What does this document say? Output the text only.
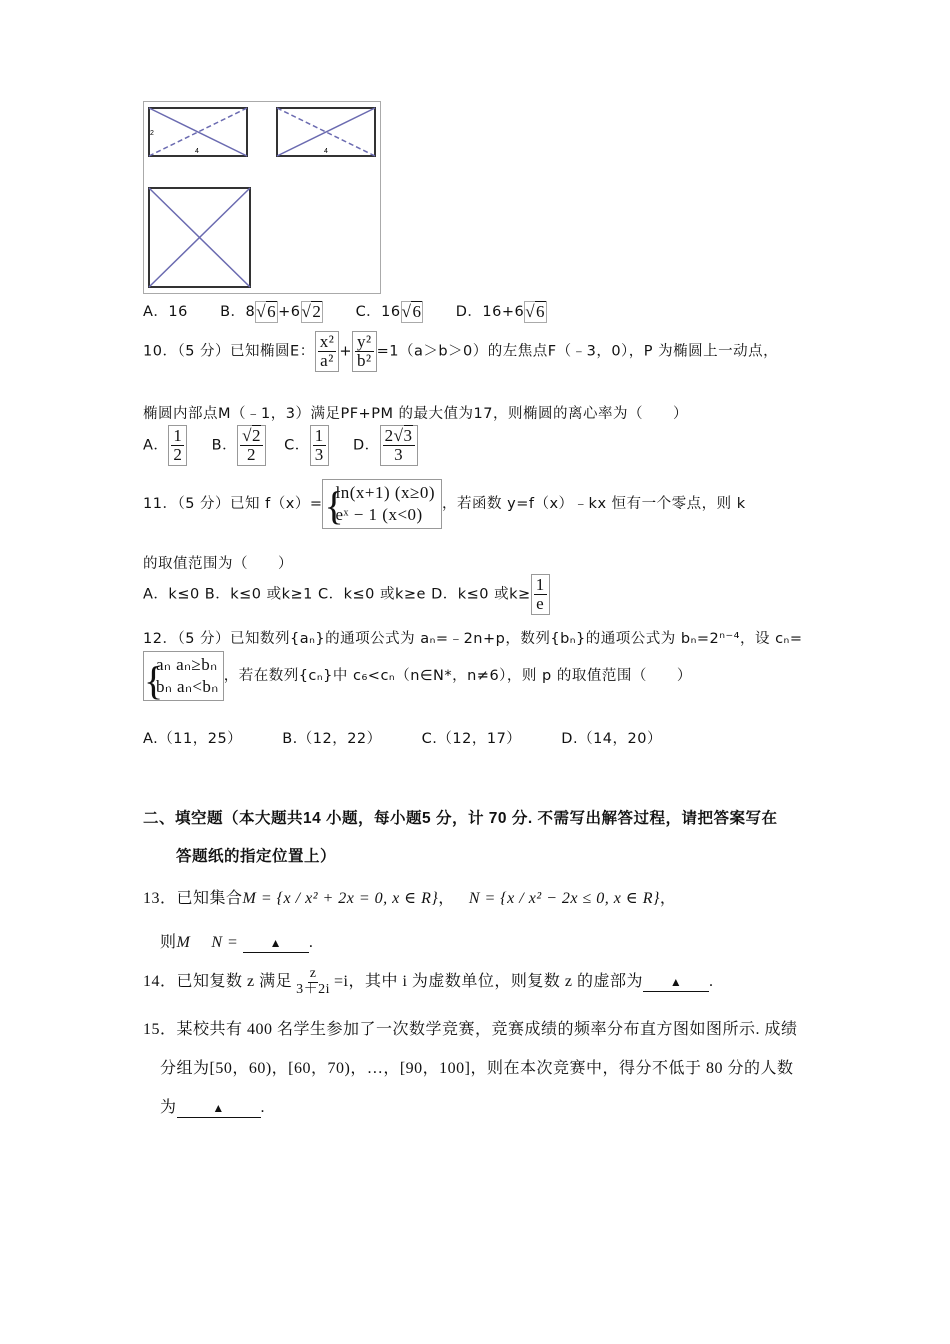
2
4	4
A．16 B．8√6 +6√2 C．16√6 D．16+6√6
10．（5 分）已知椭圆E： $\frac{\text{x²}}{\text{a²}} + \frac{\text{y²}}{\text{b²}} =1(a>b>0)$的左焦点F（﹣3，0），P 为椭圆上一动点，
椭圆内部点M（﹣1，3）满足PF+PM 的最大值为17，则椭圆的离心率为（　　）
A． $\frac{1}{2}$ B． $\frac{√2}{2}$ C． $\frac{1}{3}$ D． $\frac{2√3}{3}$
11．（5 分）已知 f（x）= {
ln(x+1) (x≥0)
eˣ − 1 (x<0)
，若函数 y=f（x）﹣kx 恒有一个零点，则 k
的取值范围为（　　）
A．k≤0 B．k≤0 或k≥1 C．k≤0 或k≥e D．k≤0 或$k\ge \frac{1}{e}$
12．（5 分）已知数列{aₙ}的通项公式为 aₙ=﹣2n+p，数列{bₙ}的通项公式为 bₙ=2ⁿ⁻⁴，设 cₙ=
{
aₙ aₙ≥bₙ
bₙ aₙ<bₙ
，若在数列{cₙ}中 c₆<cₙ（n∈N*，n≠6），则 p 的取值范围（　　）
A.（11，25）	B.（12，22）	C.（12，17）	D.（14，20）
二、填空题（本大题共14 小题，每小题5 分，计 70 分. 不需写出解答过程，请把答案写在
答题纸的指定位置上）
13．已知集合M = {x / x² + 2x = 0, x ∈ R}， N = {x / x² − 2x ≤ 0, x ∈ R}，
则M　 N =	▲ .
14．已知复数 z 满足 $\frac{z}{3+2i} =i$，其中 i 为虚数单位，则复数 z 的虚部为 ▲ .
15．某校共有 400 名学生参加了一次数学竞赛，竞赛成绩的频率分布直方图如图所示. 成绩
分组为[50，60)，[60，70)，…，[90，100]，则在本次竞赛中，得分不低于 80 分的人数
为	▲ .
